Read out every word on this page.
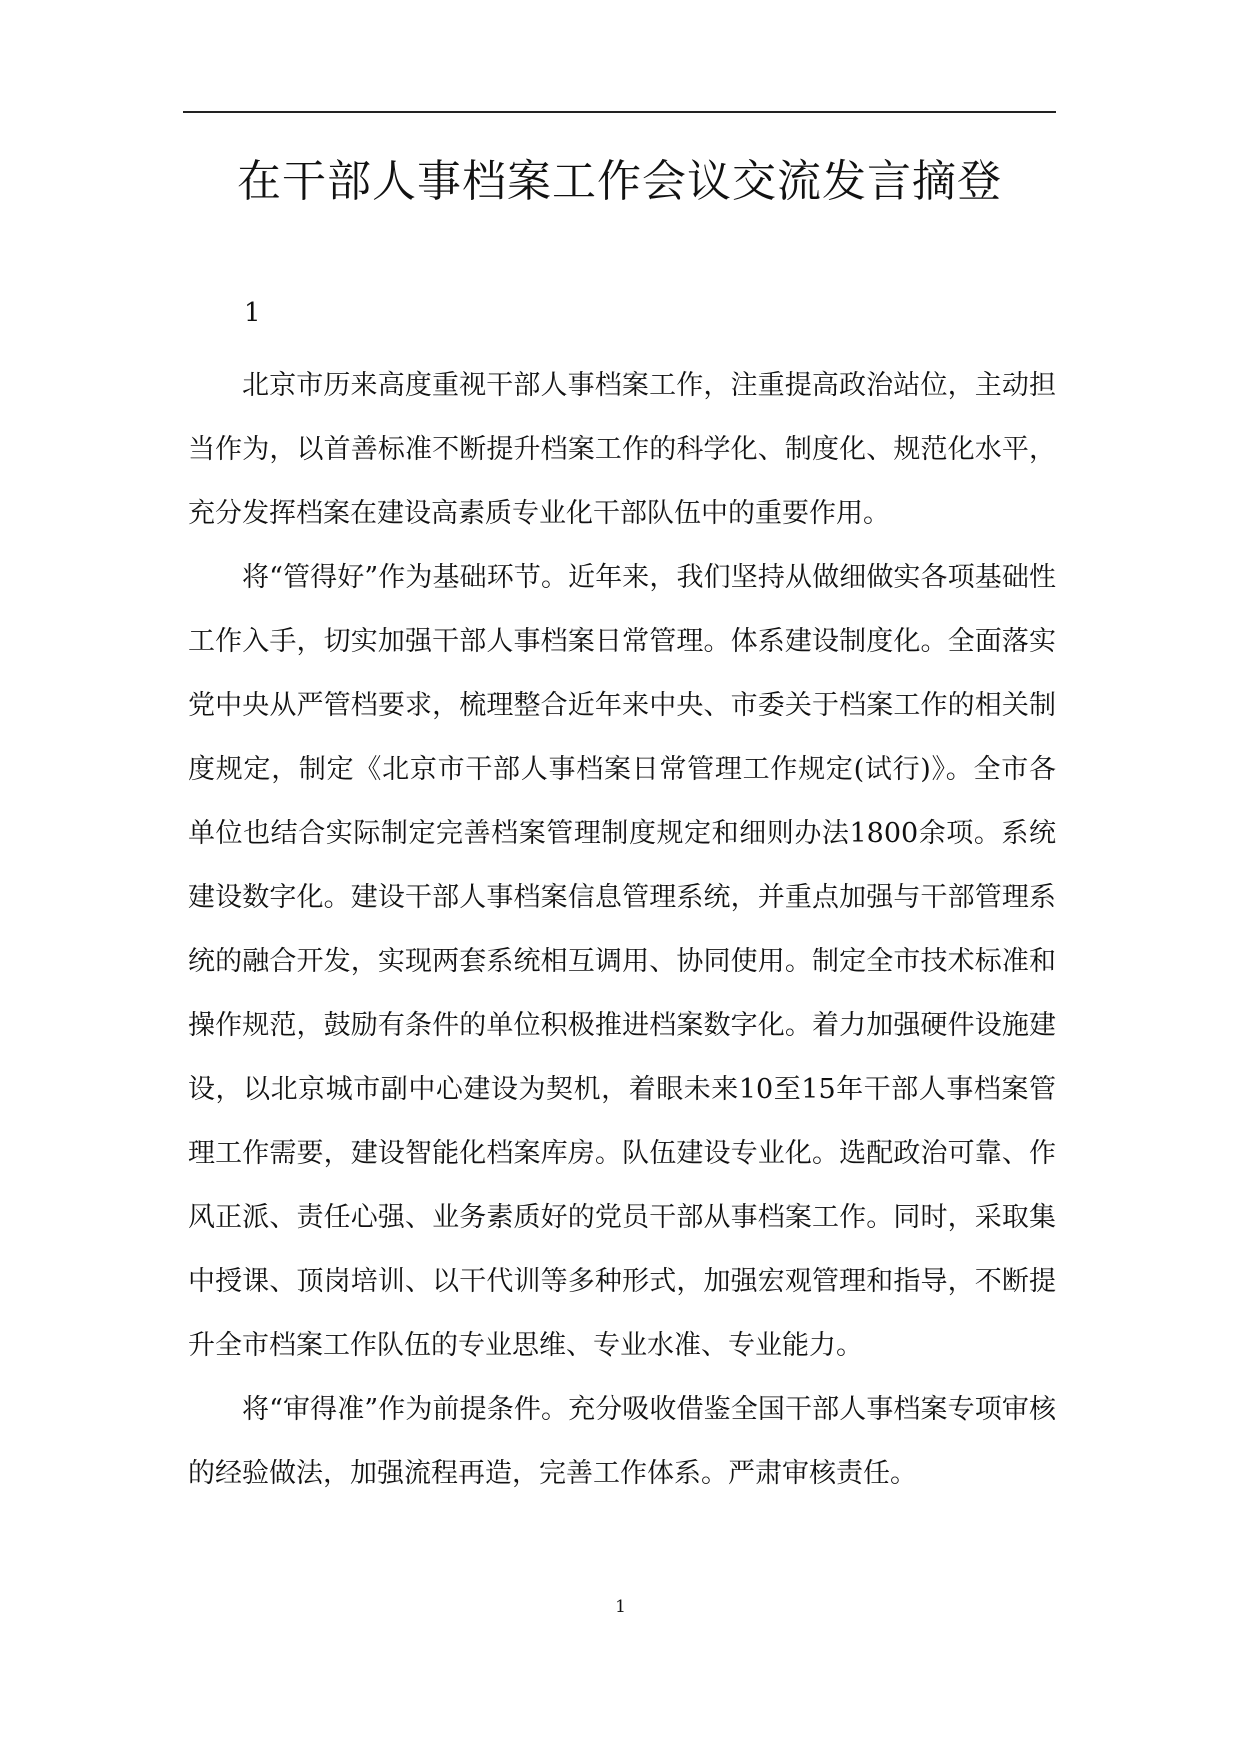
在干部人事档案工作会议交流发言摘登
1

北京市历来高度重视干部人事档案工作，注重提高政治站位，主动担当作为，以首善标准不断提升档案工作的科学化、制度化、规范化水平，充分发挥档案在建设高素质专业化干部队伍中的重要作用。

将“管得好”作为基础环节。近年来，我们坚持从做细做实各项基础性工作入手，切实加强干部人事档案日常管理。体系建设制度化。全面落实党中央从严管档要求，梳理整合近年来中央、市委关于档案工作的相关制度规定，制定《北京市干部人事档案日常管理工作规定(试行)》。全市各单位也结合实际制定完善档案管理制度规定和细则办法1800余项。系统建设数字化。建设干部人事档案信息管理系统，并重点加强与干部管理系统的融合开发，实现两套系统相互调用、协同使用。制定全市技术标准和操作规范，鼓励有条件的单位积极推进档案数字化。着力加强硬件设施建设，以北京城市副中心建设为契机，着眼未来10至15年干部人事档案管理工作需要，建设智能化档案库房。队伍建设专业化。选配政治可靠、作风正派、责任心强、业务素质好的党员干部从事档案工作。同时，采取集中授课、顶岗培训、以干代训等多种形式，加强宏观管理和指导，不断提升全市档案工作队伍的专业思维、专业水准、专业能力。

将“审得准”作为前提条件。充分吸收借鉴全国干部人事档案专项审核的经验做法，加强流程再造，完善工作体系。严肃审核责任。

1
